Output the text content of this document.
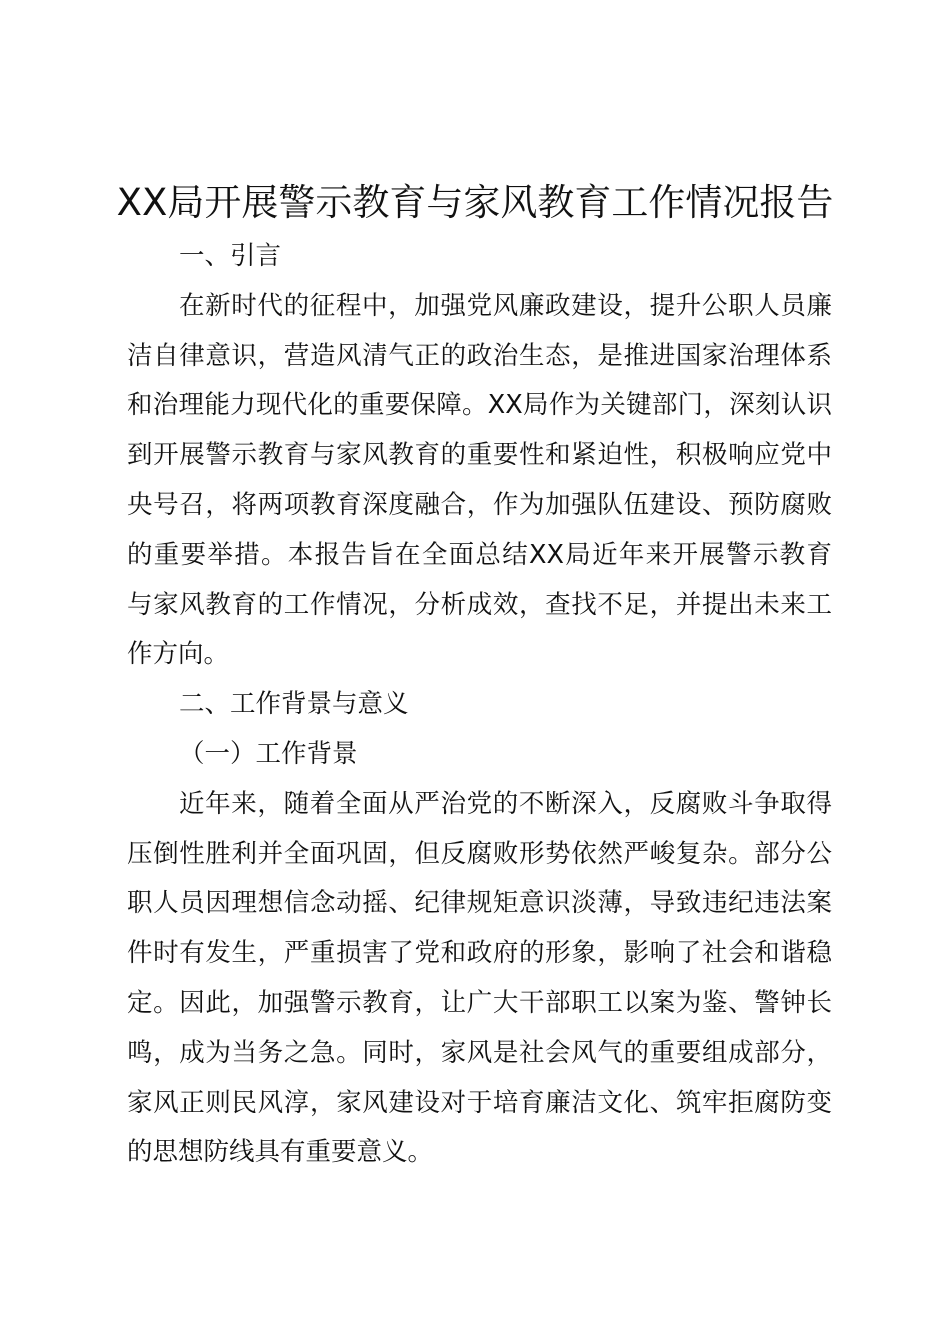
XX局开展警示教育与家风教育工作情况报告
一、引言
在新时代的征程中，加强党风廉政建设，提升公职人员廉
洁自律意识，营造风清气正的政治生态，是推进国家治理体系
和治理能力现代化的重要保障。XX局作为关键部门，深刻认识
到开展警示教育与家风教育的重要性和紧迫性，积极响应党中
央号召，将两项教育深度融合，作为加强队伍建设、预防腐败
的重要举措。本报告旨在全面总结XX局近年来开展警示教育
与家风教育的工作情况，分析成效，查找不足，并提出未来工
作方向。
二、工作背景与意义
（一）工作背景
近年来，随着全面从严治党的不断深入，反腐败斗争取得
压倒性胜利并全面巩固，但反腐败形势依然严峻复杂。部分公
职人员因理想信念动摇、纪律规矩意识淡薄，导致违纪违法案
件时有发生，严重损害了党和政府的形象，影响了社会和谐稳
定。因此，加强警示教育，让广大干部职工以案为鉴、警钟长
鸣，成为当务之急。同时，家风是社会风气的重要组成部分，
家风正则民风淳，家风建设对于培育廉洁文化、筑牢拒腐防变
的思想防线具有重要意义。
